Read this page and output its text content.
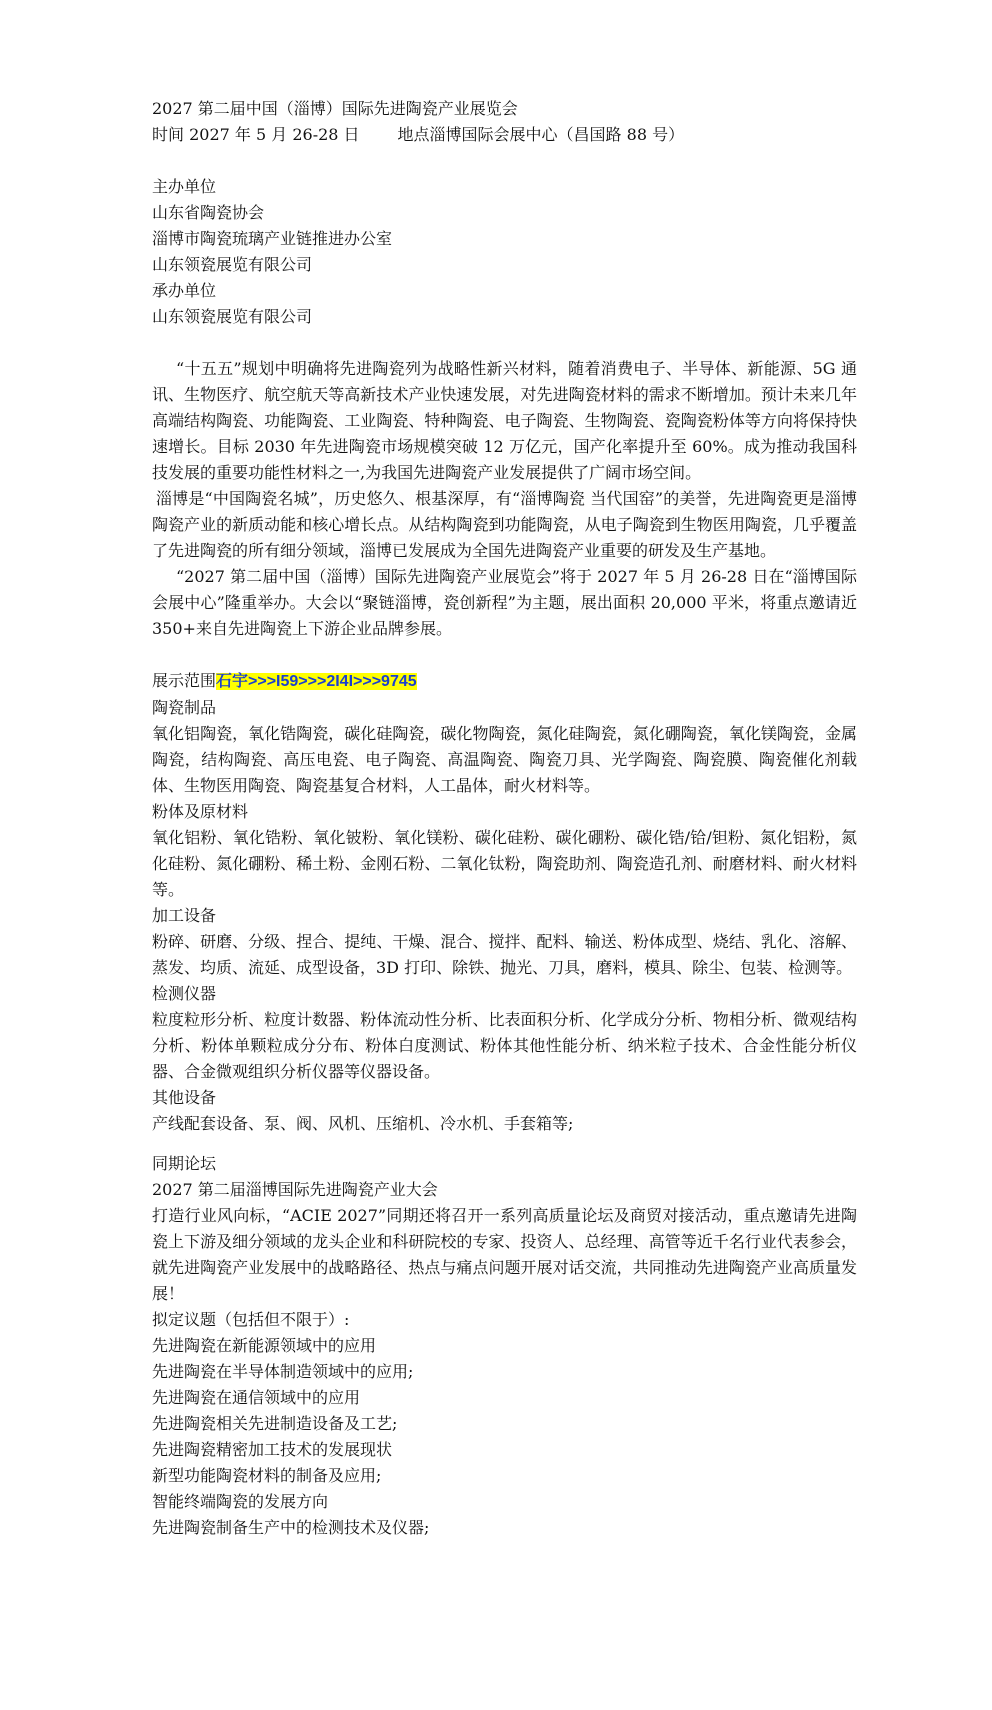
2027 第二届中国（淄博）国际先进陶瓷产业展览会
时间 2027 年 5 月 26-28 日 地点淄博国际会展中心（昌国路 88 号）
主办单位
山东省陶瓷协会
淄博市陶瓷琉璃产业链推进办公室
山东领瓷展览有限公司
承办单位
山东领瓷展览有限公司
“十五五”规划中明确将先进陶瓷列为战略性新兴材料，随着消费电子、半导体、新能源、5G 通讯、生物医疗、航空航天等高新技术产业快速发展，对先进陶瓷材料的需求不断增加。预计未来几年高端结构陶瓷、功能陶瓷、工业陶瓷、特种陶瓷、电子陶瓷、生物陶瓷、瓷陶瓷粉体等方向将保持快速增长。目标 2030 年先进陶瓷市场规模突破 12 万亿元，国产化率提升至 60%。成为推动我国科技发展的重要功能性材料之一,为我国先进陶瓷产业发展提供了广阔市场空间。
淄博是“中国陶瓷名城”，历史悠久、根基深厚，有“淄博陶瓷 当代国窑”的美誉，先进陶瓷更是淄博陶瓷产业的新质动能和核心增长点。从结构陶瓷到功能陶瓷，从电子陶瓷到生物医用陶瓷，几乎覆盖了先进陶瓷的所有细分领域，淄博已发展成为全国先进陶瓷产业重要的研发及生产基地。
“2027 第二届中国（淄博）国际先进陶瓷产业展览会”将于 2027 年 5 月 26-28 日在“淄博国际会展中心”隆重举办。大会以“聚链淄博，瓷创新程”为主题，展出面积 20,000 平米，将重点邀请近 350+来自先进陶瓷上下游企业品牌参展。
展示范围石宇>>>I59>>>2I4I>>>9745
陶瓷制品
氧化铝陶瓷，氧化锆陶瓷，碳化硅陶瓷，碳化物陶瓷，氮化硅陶瓷，氮化硼陶瓷，氧化镁陶瓷，金属陶瓷，结构陶瓷、高压电瓷、电子陶瓷、高温陶瓷、陶瓷刀具、光学陶瓷、陶瓷膜、陶瓷催化剂载体、生物医用陶瓷、陶瓷基复合材料，人工晶体，耐火材料等。
粉体及原材料
氧化铝粉、氧化锆粉、氧化铍粉、氧化镁粉、碳化硅粉、碳化硼粉、碳化锆/铪/钽粉、氮化铝粉，氮化硅粉、氮化硼粉、稀土粉、金刚石粉、二氧化钛粉，陶瓷助剂、陶瓷造孔剂、耐磨材料、耐火材料等。
加工设备
粉碎、研磨、分级、捏合、提纯、干燥、混合、搅拌、配料、输送、粉体成型、烧结、乳化、溶解、蒸发、均质、流延、成型设备，3D 打印、除铁、抛光、刀具，磨料，模具、除尘、包装、检测等。
检测仪器
粒度粒形分析、粒度计数器、粉体流动性分析、比表面积分析、化学成分分析、物相分析、微观结构分析、粉体单颗粒成分分布、粉体白度测试、粉体其他性能分析、纳米粒子技术、合金性能分析仪器、合金微观组织分析仪器等仪器设备。
其他设备
产线配套设备、泵、阀、风机、压缩机、冷水机、手套箱等;
同期论坛
2027 第二届淄博国际先进陶瓷产业大会
打造行业风向标，“ACIE 2027”同期还将召开一系列高质量论坛及商贸对接活动，重点邀请先进陶瓷上下游及细分领域的龙头企业和科研院校的专家、投资人、总经理、高管等近千名行业代表参会，就先进陶瓷产业发展中的战略路径、热点与痛点问题开展对话交流，共同推动先进陶瓷产业高质量发展！
拟定议题（包括但不限于）:
先进陶瓷在新能源领域中的应用
先进陶瓷在半导体制造领域中的应用;
先进陶瓷在通信领域中的应用
先进陶瓷相关先进制造设备及工艺;
先进陶瓷精密加工技术的发展现状
新型功能陶瓷材料的制备及应用;
智能终端陶瓷的发展方向
先进陶瓷制备生产中的检测技术及仪器;
